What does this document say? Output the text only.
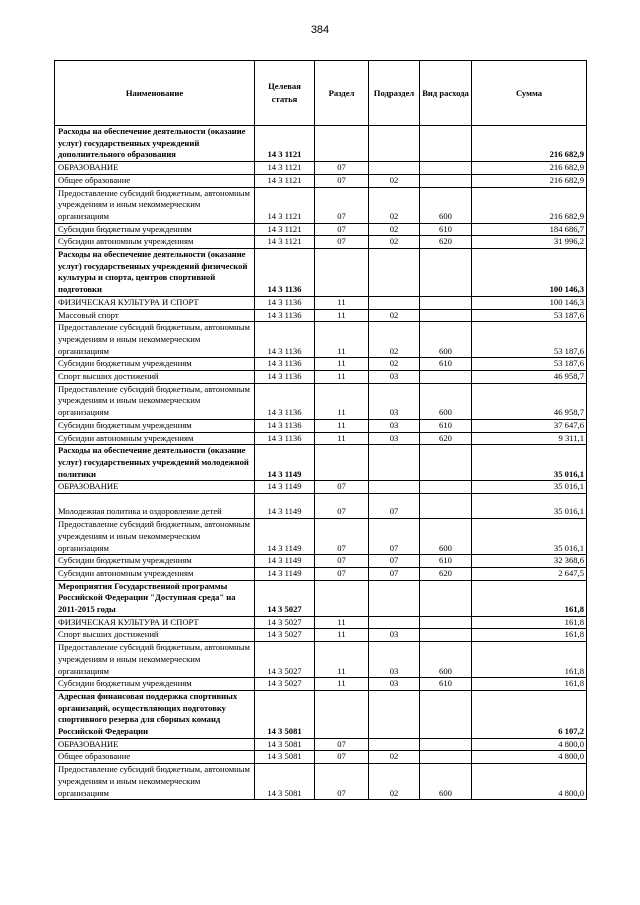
384
Наименование	Целевая статья	Раздел	Подраздел	Вид расхода	Сумма
Расходы на обеспечение деятельности (оказание услуг) государственных учреждений дополнительного образования	14 3 1121				216 682,9
ОБРАЗОВАНИЕ	14 3 1121	07			216 682,9
Общее образование	14 3 1121	07	02		216 682,9
Предоставление субсидий бюджетным, автономным учреждениям и иным некоммерческим организациям	14 3 1121	07	02	600	216 682,9
Субсидии бюджетным учреждениям	14 3 1121	07	02	610	184 686,7
Субсидии автономным учреждениям	14 3 1121	07	02	620	31 996,2
Расходы на обеспечение деятельности (оказание услуг) государственных учреждений физической культуры и спорта, центров спортивной подготовки	14 3 1136				100 146,3
ФИЗИЧЕСКАЯ КУЛЬТУРА И СПОРТ	14 3 1136	11			100 146,3
Массовый спорт	14 3 1136	11	02		53 187,6
Предоставление субсидий бюджетным, автономным учреждениям и иным некоммерческим организациям	14 3 1136	11	02	600	53 187,6
Субсидии бюджетным учреждениям	14 3 1136	11	02	610	53 187,6
Спорт высших достижений	14 3 1136	11	03		46 958,7
Предоставление субсидий бюджетным, автономным учреждениям и иным некоммерческим организациям	14 3 1136	11	03	600	46 958,7
Субсидии бюджетным учреждениям	14 3 1136	11	03	610	37 647,6
Субсидии автономным учреждениям	14 3 1136	11	03	620	9 311,1
Расходы на обеспечение деятельности (оказание услуг) государственных учреждений молодежной политики	14 3 1149				35 016,1
ОБРАЗОВАНИЕ	14 3 1149	07			35 016,1
Молодежная политика и оздоровление детей	14 3 1149	07	07		35 016,1
Предоставление субсидий бюджетным, автономным учреждениям и иным некоммерческим организациям	14 3 1149	07	07	600	35 016,1
Субсидии бюджетным учреждениям	14 3 1149	07	07	610	32 368,6
Субсидии автономным учреждениям	14 3 1149	07	07	620	2 647,5
Мероприятия Государственной программы Российской Федерации "Доступная среда" на 2011-2015 годы	14 3 5027				161,8
ФИЗИЧЕСКАЯ КУЛЬТУРА И СПОРТ	14 3 5027	11			161,8
Спорт высших достижений	14 3 5027	11	03		161,8
Предоставление субсидий бюджетным, автономным учреждениям и иным некоммерческим организациям	14 3 5027	11	03	600	161,8
Субсидии бюджетным учреждениям	14 3 5027	11	03	610	161,8
Адресная финансовая поддержка спортивных организаций, осуществляющих подготовку спортивного резерва для сборных команд Российской Федерации	14 3 5081				6 107,2
ОБРАЗОВАНИЕ	14 3 5081	07			4 800,0
Общее образование	14 3 5081	07	02		4 800,0
Предоставление субсидий бюджетным, автономным учреждениям и иным некоммерческим организациям	14 3 5081	07	02	600	4 800,0
